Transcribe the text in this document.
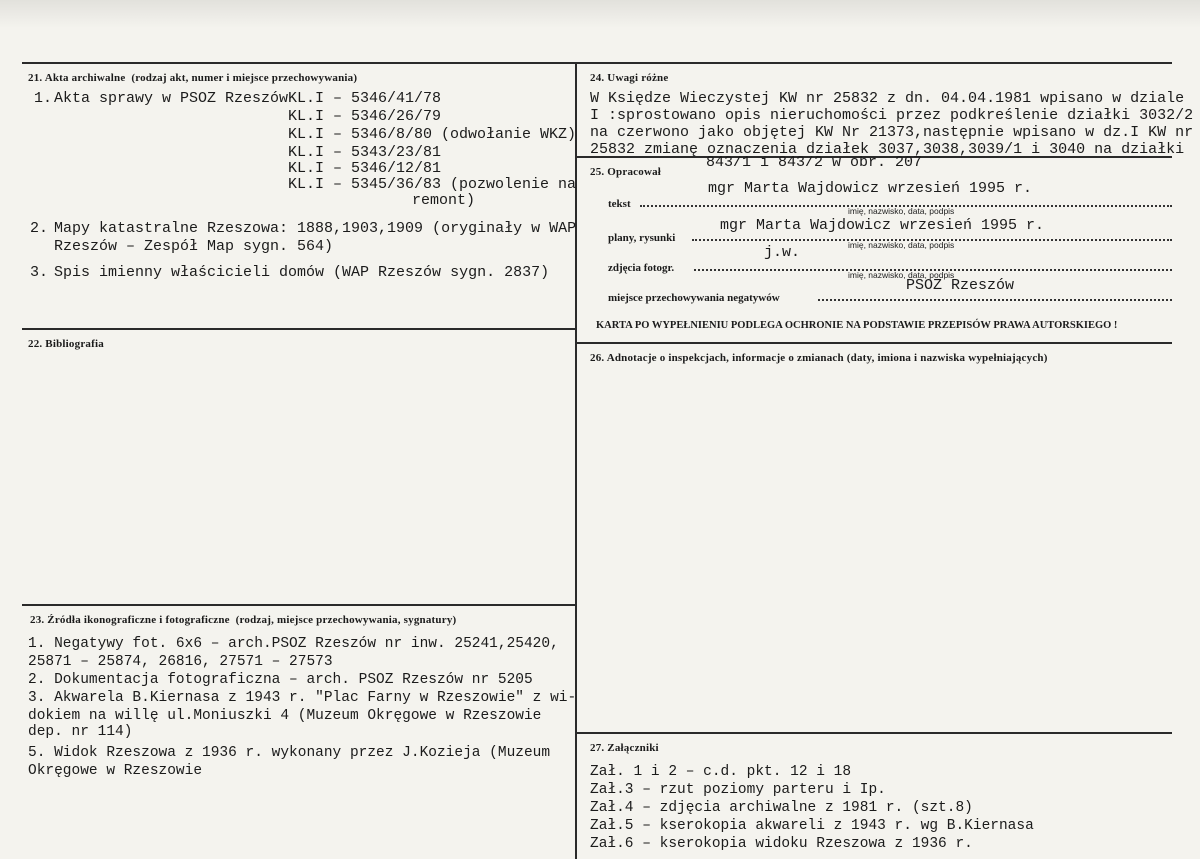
21. Akta archiwalne (rodzaj akt, numer i miejsce przechowywania)
1. Akta sprawy w PSOZ Rzeszów KL.I – 5346/41/78
KL.I – 5346/26/79
KL.I – 5346/8/80 (odwołanie WKZ)
KL.I – 5343/23/81
KL.I – 5346/12/81
KL.I – 5345/36/83 (pozwolenie na
remont)
2. Mapy katastralne Rzeszowa: 1888,1903,1909 (oryginały w WAP
Rzeszów – Zespół Map sygn. 564)
3. Spis imienny właścicieli domów (WAP Rzeszów sygn. 2837)
22. Bibliografia
23. Źródła ikonograficzne i fotograficzne (rodzaj, miejsce przechowywania, sygnatury)
1. Negatywy fot. 6x6 – arch.PSOZ Rzeszów nr inw. 25241,25420,
25871 – 25874, 26816, 27571 – 27573
2. Dokumentacja fotograficzna – arch. PSOZ Rzeszów nr 5205
3. Akwarela B.Kiernasa z 1943 r. "Plac Farny w Rzeszowie" z wi-
dokiem na willę ul.Moniuszki 4 (Muzeum Okręgowe w Rzeszowie
dep. nr 114)
5. Widok Rzeszowa z 1936 r. wykonany przez J.Kozieja (Muzeum
Okręgowe w Rzeszowie
24. Uwagi różne
W Księdze Wieczystej KW nr 25832 z dn. 04.04.1981 wpisano w dziale
I :sprostowano opis nieruchomości przez podkreślenie działki 3032/2
na czerwono jako objętej KW Nr 21373,następnie wpisano w dz.I KW nr
25832 zmianę oznaczenia działek 3037,3038,3039/1 i 3040 na działki
843/1 i 843/2 w obr. 207
25. Opracował
mgr Marta Wajdowicz wrzesień 1995 r.
tekst
imię, nazwisko, data, podpis
mgr Marta Wajdowicz wrzesień 1995 r.
plany, rysunki
imię, nazwisko, data, podpis
j.w.
zdjęcia fotogr.
imię, nazwisko, data, podpis
PSOZ Rzeszów
miejsce przechowywania negatywów
KARTA PO WYPEŁNIENIU PODLEGA OCHRONIE NA PODSTAWIE PRZEPISÓW PRAWA AUTORSKIEGO !
26. Adnotacje o inspekcjach, informacje o zmianach (daty, imiona i nazwiska wypełniających)
27. Załączniki
Zał. 1 i 2 – c.d. pkt. 12 i 18
Zał.3 – rzut poziomy parteru i Ip.
Zał.4 – zdjęcia archiwalne z 1981 r. (szt.8)
Zał.5 – kserokopia akwareli z 1943 r. wg B.Kiernasa
Zał.6 – kserokopia widoku Rzeszowa z 1936 r.
